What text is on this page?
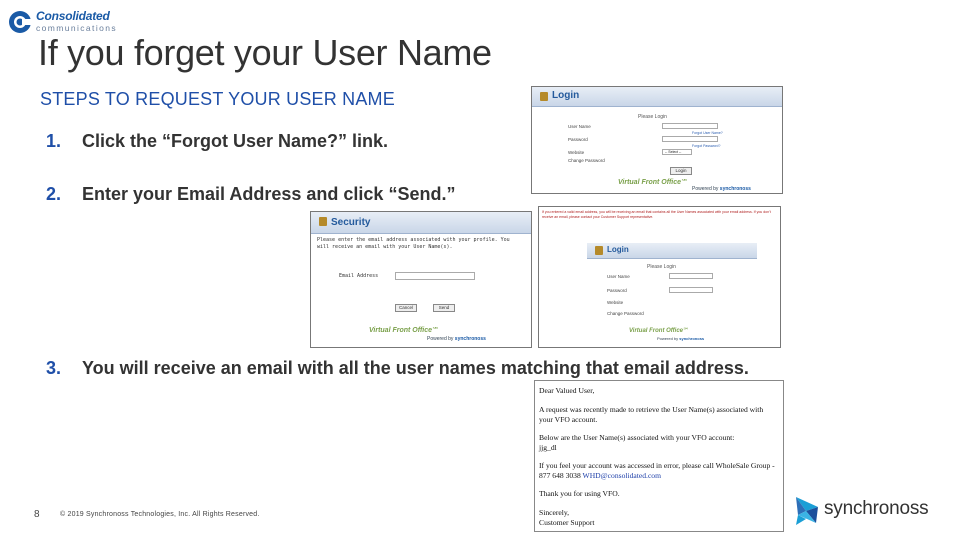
Consolidated
communications
If you forget your User Name
STEPS TO REQUEST YOUR USER NAME
1. Click the “Forgot User Name?” link.
2. Enter your Email Address and click “Send.”
3. You will receive an email with all the user names matching that email address.
Login
Please Login
User Name
Forgot User Name?
Password
Forgot Password?
Website	-- Select --
Change Password
Login
Virtual Front Office℠
Powered by synchronoss
Security
Please enter the email address associated with your profile. You will receive an email with your User Name(s).
Email Address
Cancel	Send
Virtual Front Office℠
Powered by synchronoss
If you entered a valid email address, you will be receiving an email that contains all the User Names associated with your email address. If you don't receive an email, please contact your Customer Support representative.
Login
Please Login
User Name
Password
Website
Change Password
Virtual Front Office℠
Powered by synchronoss
Dear Valued User,
A request was recently made to retrieve the User Name(s) associated with
your VFO account.
Below are the User Name(s) associated with your VFO account:
jjg_dl
If you feel your account was accessed in error, please call WholeSale Group -
877 648 3038 WHD@consolidated.com
Thank you for using VFO.
Sincerely,
Customer Support
8	© 2019 Synchronoss Technologies, Inc. All Rights Reserved.	synchronoss
